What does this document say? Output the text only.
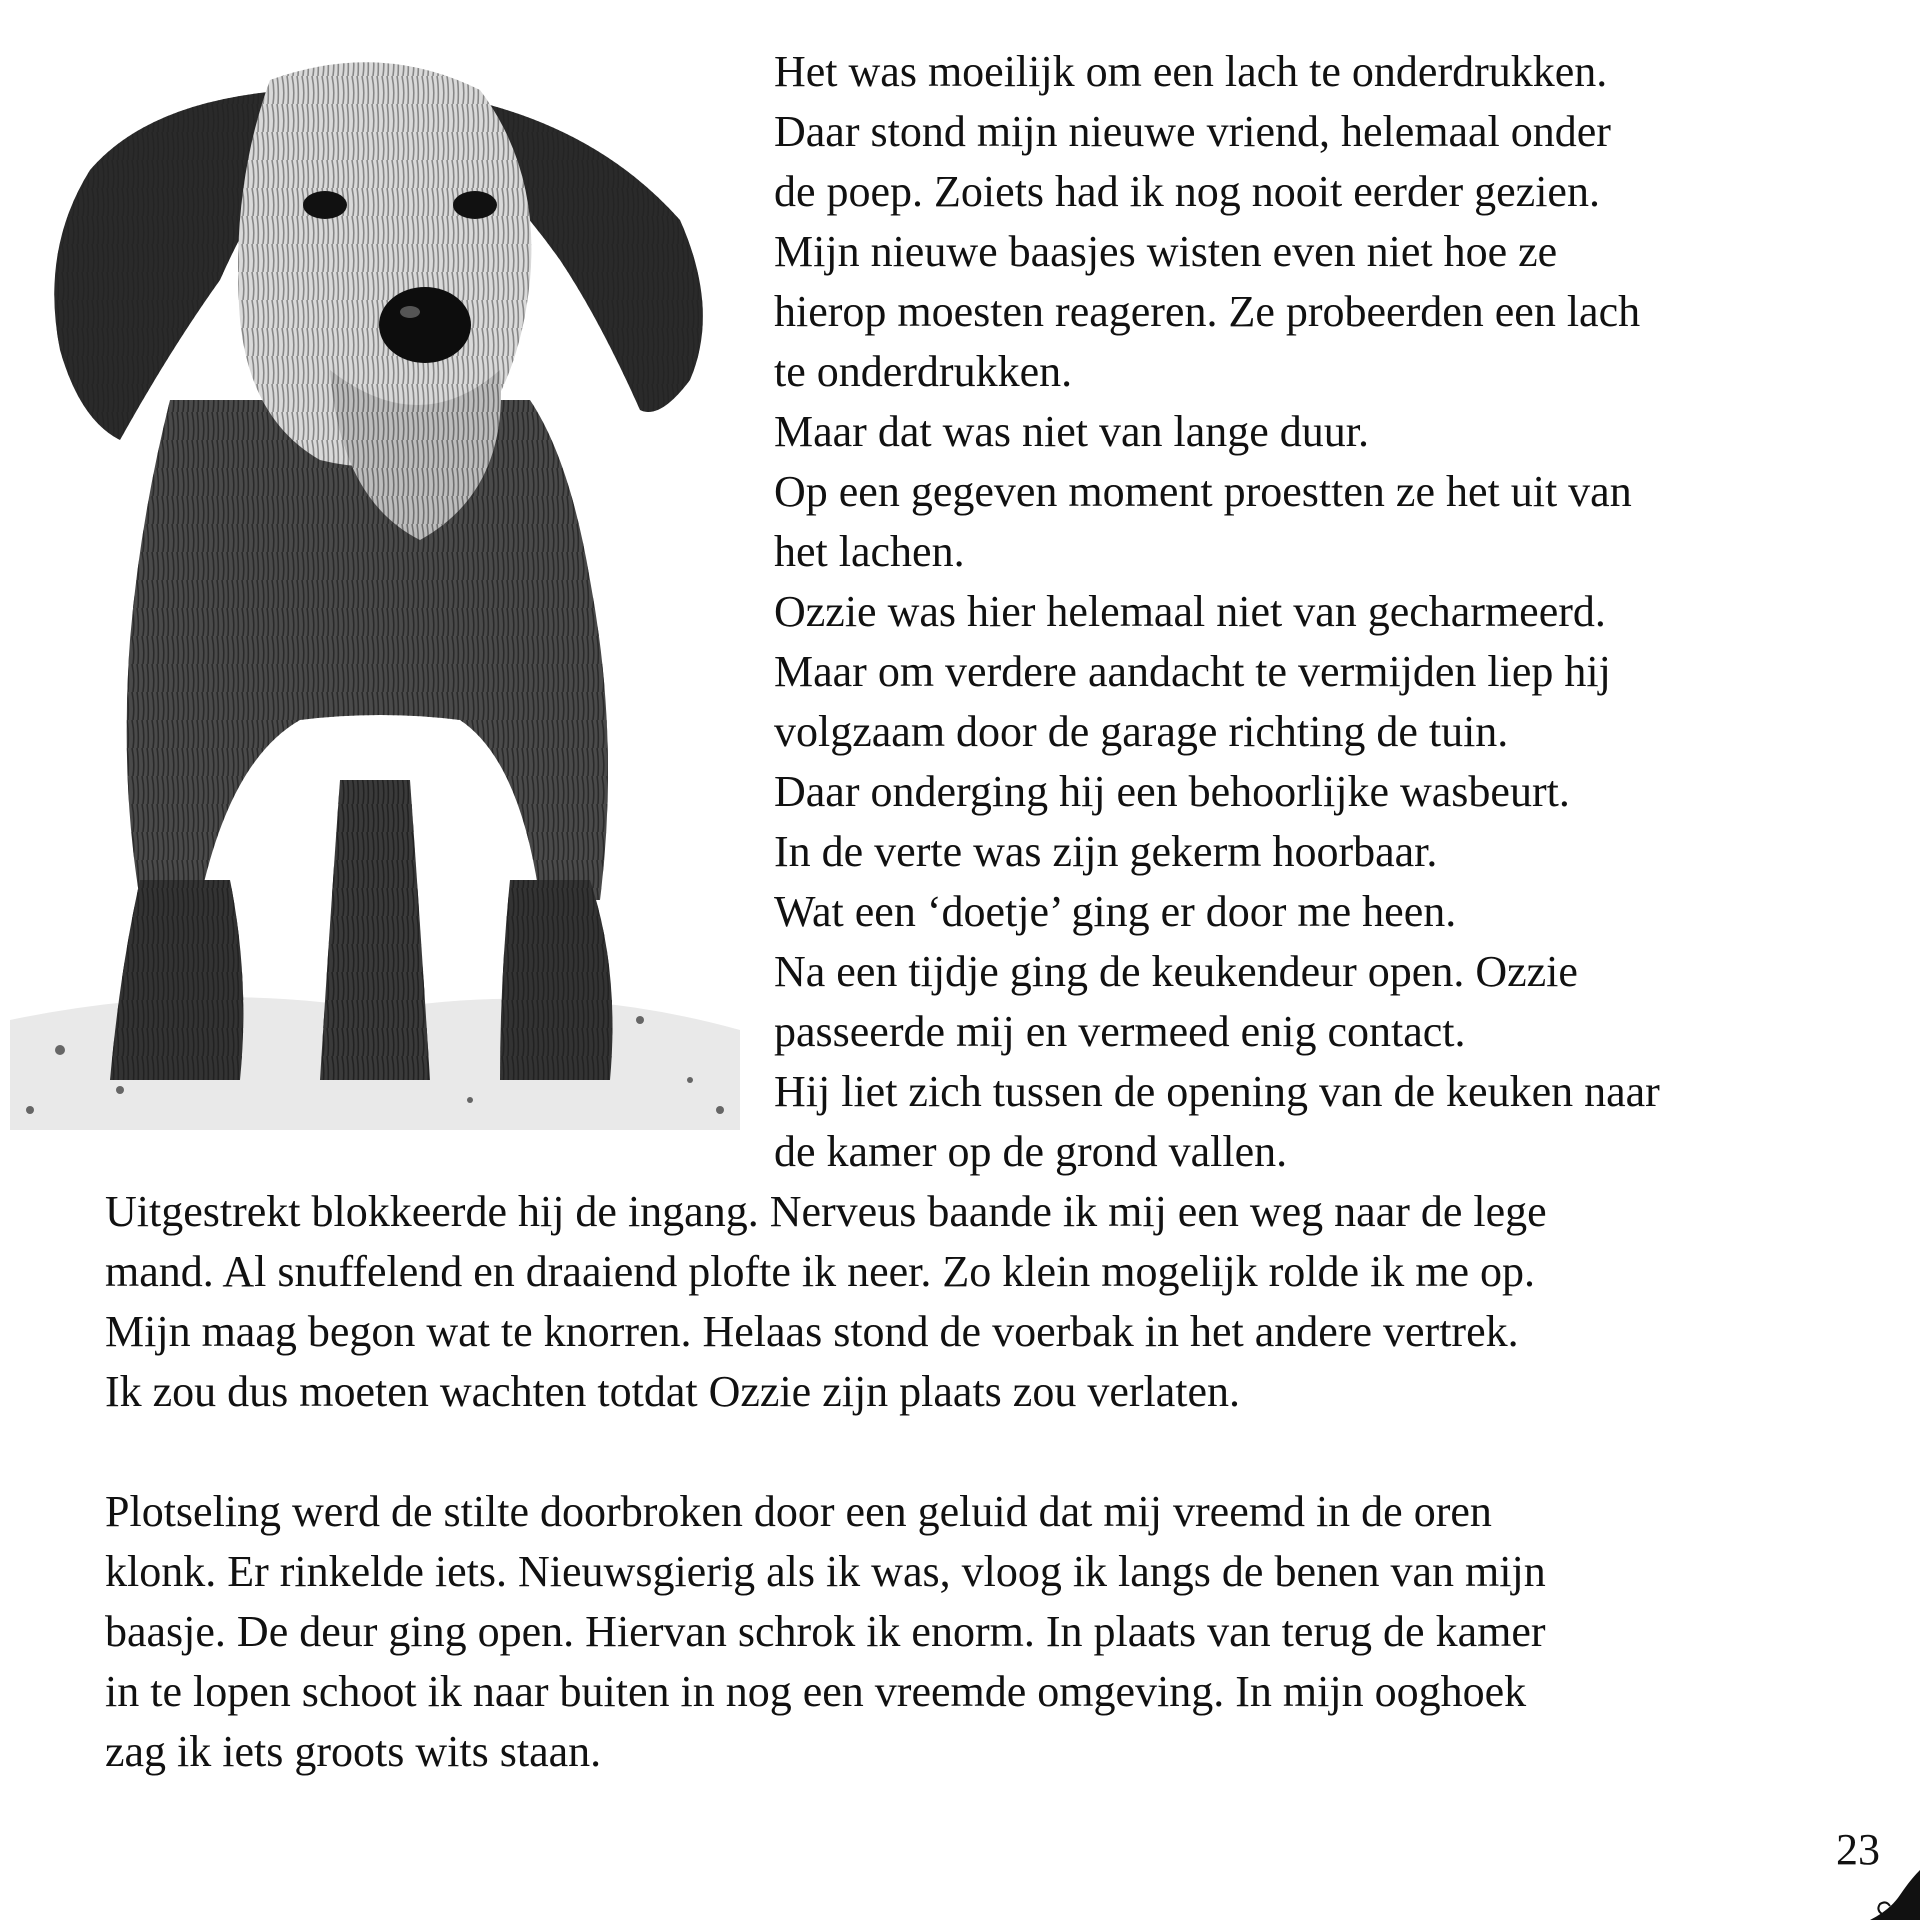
Het was moeilijk om een lach te onderdrukken.
Daar stond mijn nieuwe vriend, helemaal onder
de poep. Zoiets had ik nog nooit eerder gezien.
Mijn nieuwe baasjes wisten even niet hoe ze
hierop moesten reageren. Ze probeerden een lach
te onderdrukken.
Maar dat was niet van lange duur.
Op een gegeven moment proestten ze het uit van
het lachen.
Ozzie was hier helemaal niet van gecharmeerd.
Maar om verdere aandacht te vermijden liep hij
volgzaam door de garage richting de tuin.
Daar onderging hij een behoorlijke wasbeurt.
In de verte was zijn gekerm hoorbaar.
Wat een ‘doetje’ ging er door me heen.
Na een tijdje ging de keukendeur open. Ozzie
passeerde mij en vermeed enig contact.
Hij liet zich tussen de opening van de keuken naar
de kamer op de grond vallen.
Uitgestrekt blokkeerde hij de ingang. Nerveus baande ik mij een weg naar de lege
mand. Al snuffelend en draaiend plofte ik neer. Zo klein mogelijk rolde ik me op.
Mijn maag begon wat te knorren. Helaas stond de voerbak in het andere vertrek.
Ik zou dus moeten wachten totdat Ozzie zijn plaats zou verlaten.
Plotseling werd de stilte doorbroken door een geluid dat mij vreemd in de oren
klonk. Er rinkelde iets. Nieuwsgierig als ik was, vloog ik langs de benen van mijn
baasje. De deur ging open. Hiervan schrok ik enorm. In plaats van terug de kamer
in te lopen schoot ik naar buiten in nog een vreemde omgeving. In mijn ooghoek
zag ik iets groots wits staan.
23
